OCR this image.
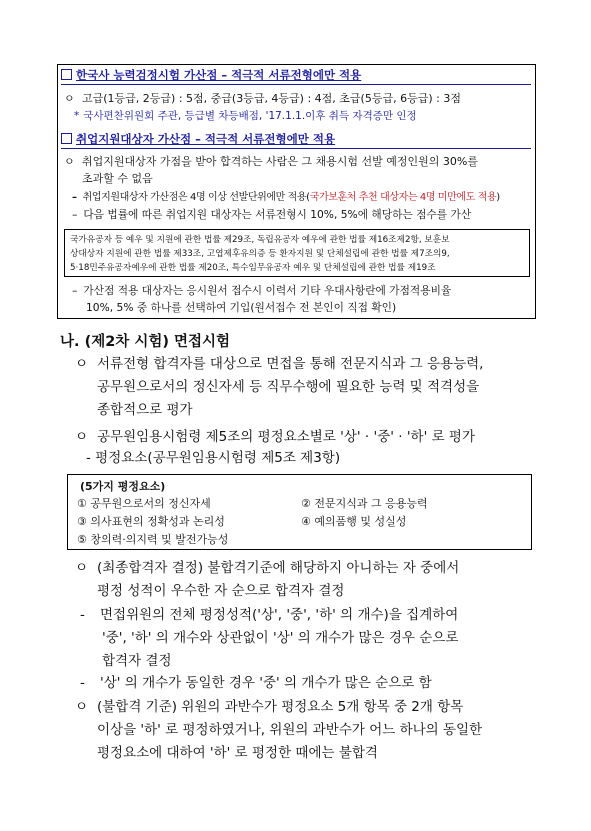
한국사 능력검정시험 가산점 – 적극적 서류전형에만 적용
ㅇ 고급(1등급, 2등급) : 5점, 중급(3등급, 4등급) : 4점, 초급(5등급, 6등급) : 3점
* 국사편찬위원회 주관, 등급별 차등배점, '17.1.1.이후 취득 자격증만 인정
취업지원대상자 가산점 – 적극적 서류전형에만 적용
ㅇ 취업지원대상자 가점을 받아 합격하는 사람은 그 채용시험 선발 예정인원의 30%를
초과할 수 없음
– 취업지원대상자 가산점은 4명 이상 선발단위에만 적용(국가보훈처 추천 대상자는 4명 미만에도 적용)
– 다음 법률에 따른 취업지원 대상자는 서류전형시 10%, 5%에 해당하는 점수를 가산
국가유공자 등 예우 및 지원에 관한 법률 제29조, 독립유공자 예우에 관한 법률 제16조제2항, 보훈보
상대상자 지원에 관한 법률 제33조, 고엽제후유의증 등 환자지원 및 단체설립에 관한 법률 제7조의9,
5·18민주유공자예우에 관한 법률 제20조, 특수임무유공자 예우 및 단체설립에 관한 법률 제19조
– 가산점 적용 대상자는 응시원서 접수시 이력서 기타 우대사항란에 가점적용비율
10%, 5% 중 하나를 선택하여 기입(원서접수 전 본인이 직접 확인)
나. (제2차 시험) 면접시험
ㅇ 서류전형 합격자를 대상으로 면접을 통해 전문지식과 그 응용능력,
공무원으로서의 정신자세 등 직무수행에 필요한 능력 및 적격성을
종합적으로 평가
ㅇ 공무원임용시험령 제5조의 평정요소별로 '상' · '중' · '하' 로 평가
- 평정요소(공무원임용시험령 제5조 제3항)
(5가지 평정요소)
① 공무원으로서의 정신자세	② 전문지식과 그 응용능력
③ 의사표현의 정확성과 논리성	④ 예의품행 및 성실성
⑤ 창의력·의지력 및 발전가능성
ㅇ (최종합격자 결정) 불합격기준에 해당하지 아니하는 자 중에서
평정 성적이 우수한 자 순으로 합격자 결정
- 면접위원의 전체 평정성적('상', '중', '하' 의 개수)을 집계하여
'중', '하' 의 개수와 상관없이 '상' 의 개수가 많은 경우 순으로
합격자 결정
- '상' 의 개수가 동일한 경우 '중' 의 개수가 많은 순으로 함
ㅇ (불합격 기준) 위원의 과반수가 평정요소 5개 항목 중 2개 항목
이상을 '하' 로 평정하였거나, 위원의 과반수가 어느 하나의 동일한
평정요소에 대하여 '하' 로 평정한 때에는 불합격
